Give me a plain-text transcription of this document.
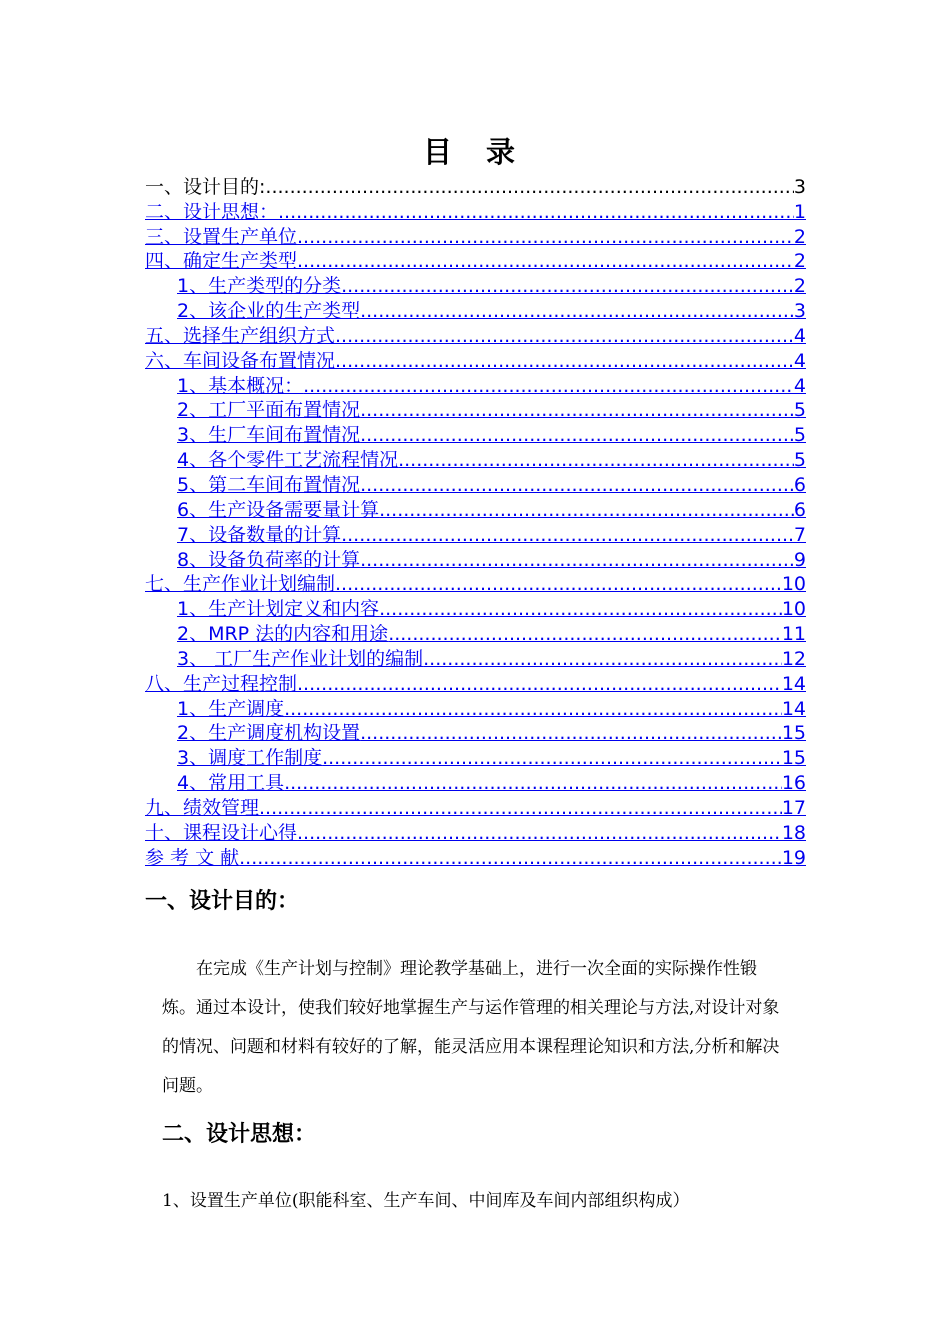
目 录
一、设计目的: .....	3
二、设计思想： .....	1
三、设置生产单位 .....	2
四、确定生产类型 .....	2
1、生产类型的分类 .....	2
2、该企业的生产类型 .....	3
五、选择生产组织方式 .....	4
六、车间设备布置情况 .....	4
1、基本概况： .....	4
2、工厂平面布置情况 .....	5
3、生厂车间布置情况 .....	5
4、各个零件工艺流程情况 .....	5
5、第二车间布置情况 .....	6
6、生产设备需要量计算 .....	6
7、设备数量的计算 .....	7
8、设备负荷率的计算 .....	9
七、生产作业计划编制 .....	10
1、生产计划定义和内容 .....	10
2、MRP 法的内容和用途 .....	11
3、 工厂生产作业计划的编制 .....	12
八、生产过程控制 .....	14
1、生产调度 .....	14
2、生产调度机构设置 .....	15
3、调度工作制度 .....	15
4、常用工具 .....	16
九、绩效管理 .....	17
十、课程设计心得 .....	18
参 考 文 献 .....	19
一、设计目的：

在完成《生产计划与控制》理论教学基础上，进行一次全面的实际操作性锻炼。通过本设计，使我们较好地掌握生产与运作管理的相关理论与方法,对设计对象的情况、问题和材料有较好的了解，能灵活应用本课程理论知识和方法,分析和解决问题。

二、设计思想：
1、设置生产单位(职能科室、生产车间、中间库及车间内部组织构成）
